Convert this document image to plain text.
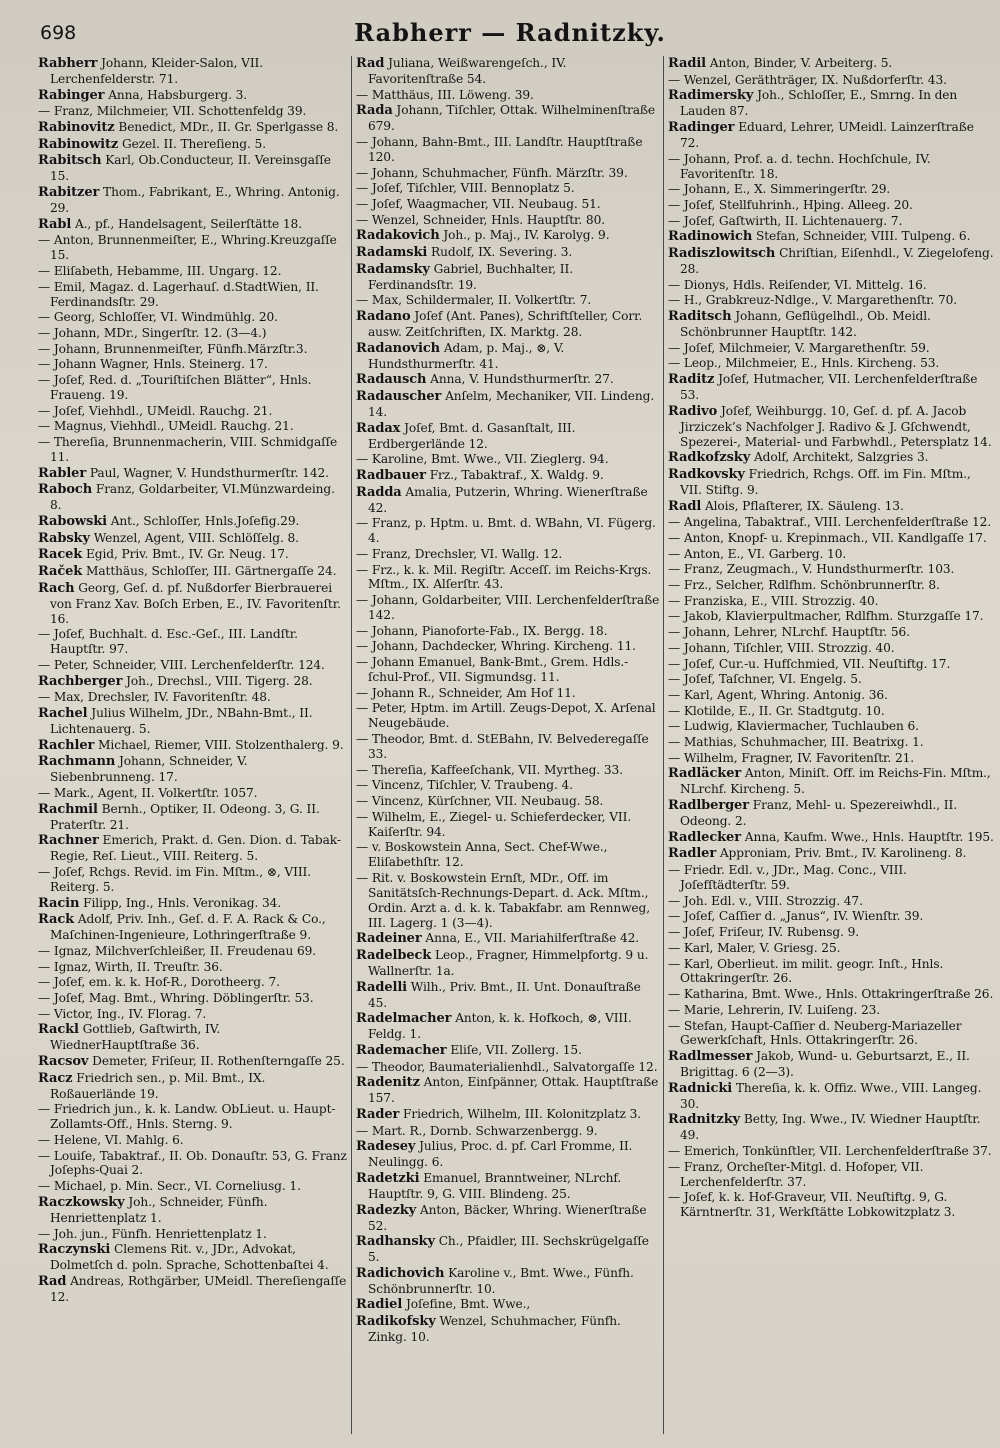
698	Rabherr — Radnitzky.
Rabherr Johann, Kleider-Salon, VII. Lerchenfelderstr. 71.
Rabinger Anna, Habsburgerg. 3.
— Franz, Milchmeier, VII. Schottenfeldg 39.
Rabinovitz Benedict, MDr., II. Gr. Sperlgasse 8.
Rabinowitz Gezel. II. Thereſieng. 5.
Rabitsch Karl, Ob.Conducteur, II. Vereinsgaſſe 15.
Rabitzer Thom., Fabrikant, E., Whring. Antonig. 29.
Rabl A., pf., Handelsagent, Seilerſtätte 18.
— Anton, Brunnenmeiſter, E., Whring.Kreuzgaſſe 15.
— Eliſabeth, Hebamme, III. Ungarg. 12.
— Emil, Magaz. d. Lagerhauſ. d.StadtWien, II. Ferdinandsſtr. 29.
— Georg, Schloſſer, VI. Windmühlg. 20.
— Johann, MDr., Singerſtr. 12. (3—4.)
— Johann, Brunnenmeiſter, Fünfh.Märzſtr.3.
— Johann Wagner, Hnls. Steinerg. 17.
— Joſef, Red. d. „Touriſtiſchen Blätter“, Hnls. Fraueng. 19.
— Joſef, Viehhdl., UMeidl. Rauchg. 21.
— Magnus, Viehhdl., UMeidl. Rauchg. 21.
— Thereſia, Brunnenmacherin, VIII. Schmidgaſſe 11.
Rabler Paul, Wagner, V. Hundsthurmerſtr. 142.
Raboch Franz, Goldarbeiter, VI.Münzwardeing. 8.
Rabowski Ant., Schloſſer, Hnls.Joſefig.29.
Rabsky Wenzel, Agent, VIII. Schlöſſelg. 8.
Racek Egid, Priv. Bmt., IV. Gr. Neug. 17.
Raček Matthäus, Schloſſer, III. Gärtnergaſſe 24.
Rach Georg, Geſ. d. pf. Nußdorfer Bierbrauerei von Franz Xav. Boſch Erben, E., IV. Favoritenſtr. 16.
— Joſef, Buchhalt. d. Esc.-Geſ., III. Landſtr. Hauptſtr. 97.
— Peter, Schneider, VIII. Lerchenfelderſtr. 124.
Rachberger Joh., Drechsl., VIII. Tigerg. 28.
— Max, Drechsler, IV. Favoritenſtr. 48.
Rachel Julius Wilhelm, JDr., NBahn-Bmt., II. Lichtenauerg. 5.
Rachler Michael, Riemer, VIII. Stolzenthalerg. 9.
Rachmann Johann, Schneider, V. Siebenbrunneng. 17.
— Mark., Agent, II. Volkertſtr. 1057.
Rachmil Bernh., Optiker, II. Odeong. 3, G. II. Praterſtr. 21.
Rachner Emerich, Prakt. d. Gen. Dion. d. Tabak-Regie, Reſ. Lieut., VIII. Reiterg. 5.
— Joſef, Rchgs. Revid. im Fin. Mſtm., ⊗, VIII. Reiterg. 5.
Racin Filipp, Ing., Hnls. Veronikag. 34.
Rack Adolf, Priv. Inh., Geſ. d. F. A. Rack & Co., Maſchinen-Ingenieure, Lothringerſtraße 9.
— Ignaz, Milchverſchleißer, II. Freudenau 69.
— Ignaz, Wirth, II. Treuſtr. 36.
— Joſef, em. k. k. Hof-R., Dorotheerg. 7.
— Joſef, Mag. Bmt., Whring. Döblingerſtr. 53.
— Victor, Ing., IV. Florag. 7.
Rackl Gottlieb, Gaſtwirth, IV. WiednerHauptſtraße 36.
Racsov Demeter, Friſeur, II. Rothenſterngaſſe 25.
Racz Friedrich sen., p. Mil. Bmt., IX. Roßauerlände 19.
— Friedrich jun., k. k. Landw. ObLieut. u. Haupt-Zollamts-Off., Hnls. Sterng. 9.
— Helene, VI. Mahlg. 6.
— Louiſe, Tabaktraf., II. Ob. Donauſtr. 53, G. Franz Joſephs-Quai 2.
— Michael, p. Min. Secr., VI. Corneliusg. 1.
Raczkowsky Joh., Schneider, Fünfh. Henriettenplatz 1.
— Joh. jun., Fünfh. Henriettenplatz 1.
Raczynski Clemens Rit. v., JDr., Advokat, Dolmetſch d. poln. Sprache, Schottenbaſtei 4.
Rad Andreas, Rothgärber, UMeidl. Thereſiengaſſe 12.
Rad Juliana, Weißwarengeſch., IV. Favoritenſtraße 54.
— Matthäus, III. Löweng. 39.
Rada Johann, Tiſchler, Ottak. Wilhelminenſtraße 679.
— Johann, Bahn-Bmt., III. Landſtr. Hauptſtraße 120.
— Johann, Schuhmacher, Fünfh. Märzſtr. 39.
— Joſef, Tiſchler, VIII. Bennoplatz 5.
— Joſef, Waagmacher, VII. Neubaug. 51.
— Wenzel, Schneider, Hnls. Hauptſtr. 80.
Radakovich Joh., p. Maj., IV. Karolyg. 9.
Radamski Rudolf, IX. Severing. 3.
Radamsky Gabriel, Buchhalter, II. Ferdinandsſtr. 19.
— Max, Schildermaler, II. Volkertſtr. 7.
Radano Joſef (Ant. Panes), Schriftſteller, Corr. ausw. Zeitſchriften, IX. Marktg. 28.
Radanovich Adam, p. Maj., ⊗, V. Hundsthurmerſtr. 41.
Radausch Anna, V. Hundsthurmerſtr. 27.
Radauscher Anſelm, Mechaniker, VII. Lindeng. 14.
Radax Joſef, Bmt. d. Gasanſtalt, III. Erdbergerlände 12.
— Karoline, Bmt. Wwe., VII. Zieglerg. 94.
Radbauer Frz., Tabaktraf., X. Waldg. 9.
Radda Amalia, Putzerin, Whring. Wienerſtraße 42.
— Franz, p. Hptm. u. Bmt. d. WBahn, VI. Fügerg. 4.
— Franz, Drechsler, VI. Wallg. 12.
— Frz., k. k. Mil. Regiſtr. Acceſſ. im Reichs-Krgs. Mſtm., IX. Alſerſtr. 43.
— Johann, Goldarbeiter, VIII. Lerchenfelderſtraße 142.
— Johann, Pianoforte-Fab., IX. Bergg. 18.
— Johann, Dachdecker, Whring. Kircheng. 11.
— Johann Emanuel, Bank-Bmt., Grem. Hdls.-ſchul-Prof., VII. Sigmundsg. 11.
— Johann R., Schneider, Am Hof 11.
— Peter, Hptm. im Artill. Zeugs-Depot, X. Arſenal Neugebäude.
— Theodor, Bmt. d. StEBahn, IV. Belvederegaſſe 33.
— Thereſia, Kaffeeſchank, VII. Myrtheg. 33.
— Vincenz, Tiſchler, V. Traubeng. 4.
— Vincenz, Kürſchner, VII. Neubaug. 58.
— Wilhelm, E., Ziegel- u. Schieferdecker, VII. Kaiſerſtr. 94.
— v. Boskowstein Anna, Sect. Chef-Wwe., Eliſabethſtr. 12.
— Rit. v. Boskowstein Ernſt, MDr., Off. im Sanitätsſch-Rechnungs-Depart. d. Ack. Mſtm., Ordin. Arzt a. d. k. k. Tabakfabr. am Rennweg, III. Lagerg. 1 (3—4).
Radeiner Anna, E., VII. Mariahilferſtraße 42.
Radelbeck Leop., Fragner, Himmelpfortg. 9 u. Wallnerſtr. 1a.
Radelli Wilh., Priv. Bmt., II. Unt. Donauſtraße 45.
Radelmacher Anton, k. k. Hofkoch, ⊗, VIII. Feldg. 1.
Rademacher Eliſe, VII. Zollerg. 15.
— Theodor, Baumaterialienhdl., Salvatorgaſſe 12.
Radenitz Anton, Einſpänner, Ottak. Hauptſtraße 157.
Rader Friedrich, Wilhelm, III. Kolonitzplatz 3.
— Mart. R., Dornb. Schwarzenbergg. 9.
Radesey Julius, Proc. d. pf. Carl Fromme, II. Neulingg. 6.
Radetzki Emanuel, Branntweiner, NLrchf. Hauptſtr. 9, G. VIII. Blindeng. 25.
Radezky Anton, Bäcker, Whring. Wienerſtraße 52.
Radhansky Ch., Pfaidler, III. Sechskrügelgaſſe 5.
Radichovich Karoline v., Bmt. Wwe., Fünfh. Schönbrunnerſtr. 10.
Radiel Joſefine, Bmt. Wwe.,
Radikofsky Wenzel, Schuhmacher, Fünfh. Zinkg. 10.
Radil Anton, Binder, V. Arbeiterg. 5.
— Wenzel, Geräthträger, IX. Nußdorferſtr. 43.
Radimersky Joh., Schloſſer, E., Smrng. In den Lauden 87.
Radinger Eduard, Lehrer, UMeidl. Lainzerſtraße 72.
— Johann, Prof. a. d. techn. Hochſchule, IV. Favoritenſtr. 18.
— Johann, E., X. Simmeringerſtr. 29.
— Joſef, Stellfuhrinh., Hþing. Alleeg. 20.
— Joſef, Gaſtwirth, II. Lichtenauerg. 7.
Radinowich Stefan, Schneider, VIII. Tulpeng. 6.
Radiszlowitsch Chriſtian, Eiſenhdl., V. Ziegelofeng. 28.
— Dionys, Hdls. Reiſender, VI. Mittelg. 16.
— H., Grabkreuz-Ndlge., V. Margarethenſtr. 70.
Raditsch Johann, Geflügelhdl., Ob. Meidl. Schönbrunner Hauptſtr. 142.
— Joſef, Milchmeier, V. Margarethenſtr. 59.
— Leop., Milchmeier, E., Hnls. Kircheng. 53.
Raditz Joſef, Hutmacher, VII. Lerchenfelderſtraße 53.
Radivo Joſef, Weihburgg. 10, Geſ. d. pf. A. Jacob Jirziczek’s Nachfolger J. Radivo & J. Gſchwendt, Spezerei-, Material- und Farbwhdl., Petersplatz 14.
Radkofzsky Adolf, Architekt, Salzgries 3.
Radkovsky Friedrich, Rchgs. Off. im Fin. Mſtm., VII. Stiftg. 9.
Radl Alois, Pflaſterer, IX. Säuleng. 13.
— Angelina, Tabaktraf., VIII. Lerchenfelderſtraße 12.
— Anton, Knopf- u. Krepinmach., VII. Kandlgaſſe 17.
— Anton, E., VI. Garberg. 10.
— Franz, Zeugmach., V. Hundsthurmerſtr. 103.
— Frz., Selcher, Rdlfhm. Schönbrunnerſtr. 8.
— Franziska, E., VIII. Strozzig. 40.
— Jakob, Klavierpultmacher, Rdlfhm. Sturzgaſſe 17.
— Johann, Lehrer, NLrchf. Hauptſtr. 56.
— Johann, Tiſchler, VIII. Strozzig. 40.
— Joſef, Cur.-u. Hufſchmied, VII. Neuſtiftg. 17.
— Joſef, Taſchner, VI. Engelg. 5.
— Karl, Agent, Whring. Antonig. 36.
— Klotilde, E., II. Gr. Stadtgutg. 10.
— Ludwig, Klaviermacher, Tuchlauben 6.
— Mathias, Schuhmacher, III. Beatrixg. 1.
— Wilhelm, Fragner, IV. Favoritenſtr. 21.
Radläcker Anton, Miniſt. Off. im Reichs-Fin. Mſtm., NLrchf. Kircheng. 5.
Radlberger Franz, Mehl- u. Spezereiwhdl., II. Odeong. 2.
Radlecker Anna, Kaufm. Wwe., Hnls. Hauptſtr. 195.
Radler Approniam, Priv. Bmt., IV. Karolineng. 8.
— Friedr. Edl. v., JDr., Mag. Conc., VIII. Joſefſtädterſtr. 59.
— Joh. Edl. v., VIII. Strozzig. 47.
— Joſef, Caſſier d. „Janus“, IV. Wienſtr. 39.
— Joſef, Friſeur, IV. Rubensg. 9.
— Karl, Maler, V. Griesg. 25.
— Karl, Oberlieut. im milit. geogr. Inſt., Hnls. Ottakringerſtr. 26.
— Katharina, Bmt. Wwe., Hnls. Ottakringerſtraße 26.
— Marie, Lehrerin, IV. Luiſeng. 23.
— Stefan, Haupt-Caſſier d. Neuberg-Mariazeller Gewerkſchaft, Hnls. Ottakringerſtr. 26.
Radlmesser Jakob, Wund- u. Geburtsarzt, E., II. Brigittag. 6 (2—3).
Radnicki Thereſia, k. k. Offiz. Wwe., VIII. Langeg. 30.
Radnitzky Betty, Ing. Wwe., IV. Wiedner Hauptſtr. 49.
— Emerich, Tonkünſtler, VII. Lerchenfelderſtraße 37.
— Franz, Orcheſter-Mitgl. d. Hofoper, VII. Lerchenfelderſtr. 37.
— Joſef, k. k. Hof-Graveur, VII. Neuſtiftg. 9, G. Kärntnerſtr. 31, Werkſtätte Lobkowitzplatz 3.
